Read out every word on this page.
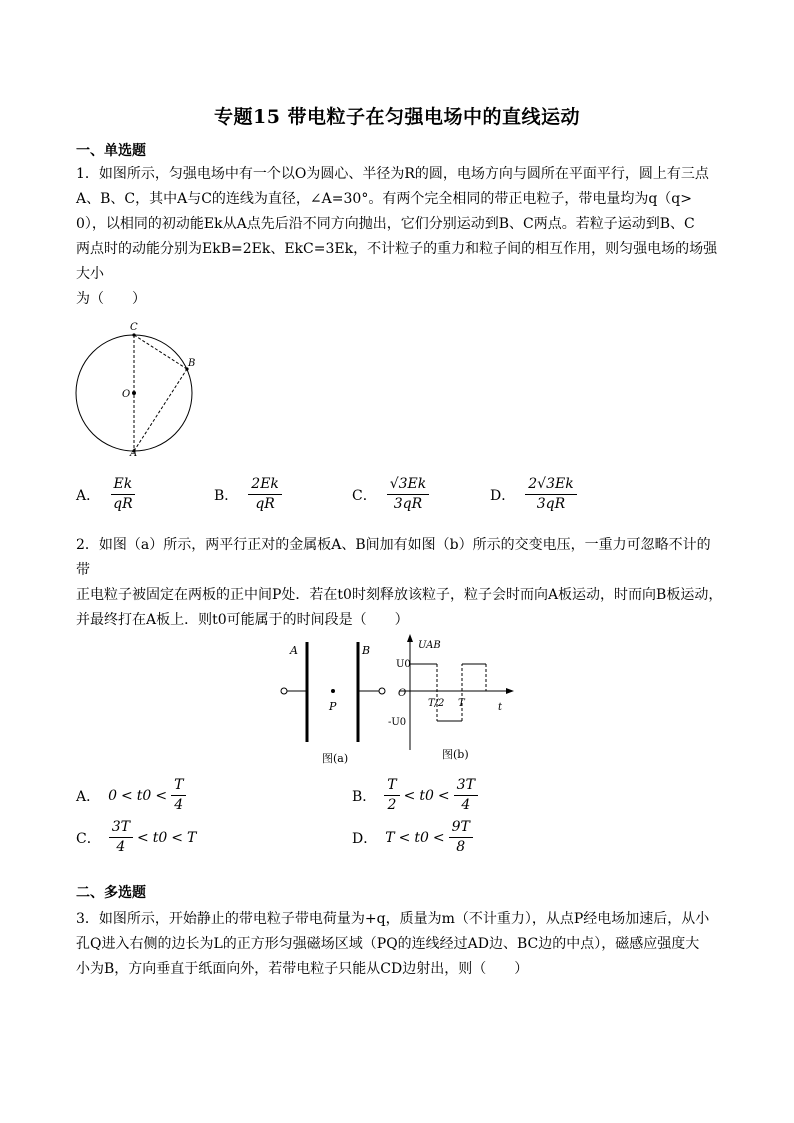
专题15 带电粒子在匀强电场中的直线运动
一、单选题
1．如图所示，匀强电场中有一个以O为圆心、半径为R的圆，电场方向与圆所在平面平行，圆上有三点
A、B、C，其中A与C的连线为直径，∠A=30°。有两个完全相同的带正电粒子，带电量均为q（q>
0），以相同的初动能Ek从A点先后沿不同方向抛出，它们分别运动到B、C两点。若粒子运动到B、C
两点时的动能分别为EkB=2Ek、EkC=3Ek，不计粒子的重力和粒子间的相互作用，则匀强电场的场强大小
为（　　）
C
B
O
A
A． $\frac{Ek}{qR}$	B． $\frac{2Ek}{qR}$	C． $\frac{√3Ek}{3qR}$	D． $\frac{2√3Ek}{3qR}$
2．如图（a）所示，两平行正对的金属板A、B间加有如图（b）所示的交变电压，一重力可忽略不计的带
正电粒子被固定在两板的正中间P处．若在t0时刻释放该粒子，粒子会时而向A板运动，时而向B板运动，
并最终打在A板上．则t0可能属于的时间段是（　　）
A	B
P
图(a)
UAB
U0
O
-U0
T/2 T	t
图(b)
A． $0 < t0 < \frac{T}{4}$	B． $\frac{T}{2} < t0 < \frac{3T}{4}$
C． $\frac{3T}{4} < t0 < T$	D． $T < t0 < \frac{9T}{8}$
二、多选题
3．如图所示，开始静止的带电粒子带电荷量为+q，质量为m（不计重力），从点P经电场加速后，从小
孔Q进入右侧的边长为L的正方形匀强磁场区域（PQ的连线经过AD边、BC边的中点），磁感应强度大
小为B，方向垂直于纸面向外，若带电粒子只能从CD边射出，则（　　）
